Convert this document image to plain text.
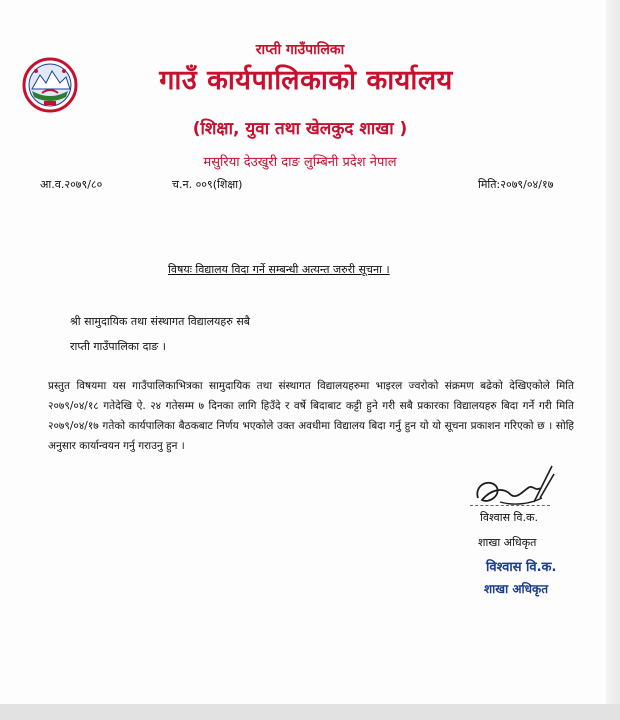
राप्ती गाउँपालिका
गाउँ कार्यपालिकाको कार्यालय
(शिक्षा, युवा तथा खेलकुद शाखा )
मसुरिया देउखुरी दाङ लुम्बिनी प्रदेश नेपाल
आ.व.२०७९/८०	च.न. ००९(शिक्षा)	मिति:२०७९/०४/१७
विषयः विद्यालय विदा गर्ने सम्बन्धी अत्यन्त जरुरी सूचना ।
श्री सामुदायिक तथा संस्थागत विद्यालयहरु सबै
राप्ती गाउँपालिका दाङ ।
प्रस्तुत विषयमा यस गाउँपालिकाभित्रका सामुदायिक तथा संस्थागत विद्यालयहरुमा भाइरल ज्वरोको संक्रमण बढेको देखिएकोले मिति २०७९/०४/१८ गतेदेखि ऐ. २४ गतेसम्म ७ दिनका लागि हिउँदे र वर्षे बिदाबाट कट्टी हुने गरी सबै प्रकारका विद्यालयहरु बिदा गर्ने गरी मिति २०७९/०४/१७ गतेको कार्यपालिका बैठकबाट निर्णय भएकोले उक्त अवधीमा विद्यालय बिदा गर्नु हुन यो यो सूचना प्रकाशन गरिएको छ । सोहि अनुसार कार्यान्वयन गर्नु गराउनु हुन ।
विश्वास वि.क.
शाखा अधिकृत
विश्वास वि.क.
शाखा अधिकृत
